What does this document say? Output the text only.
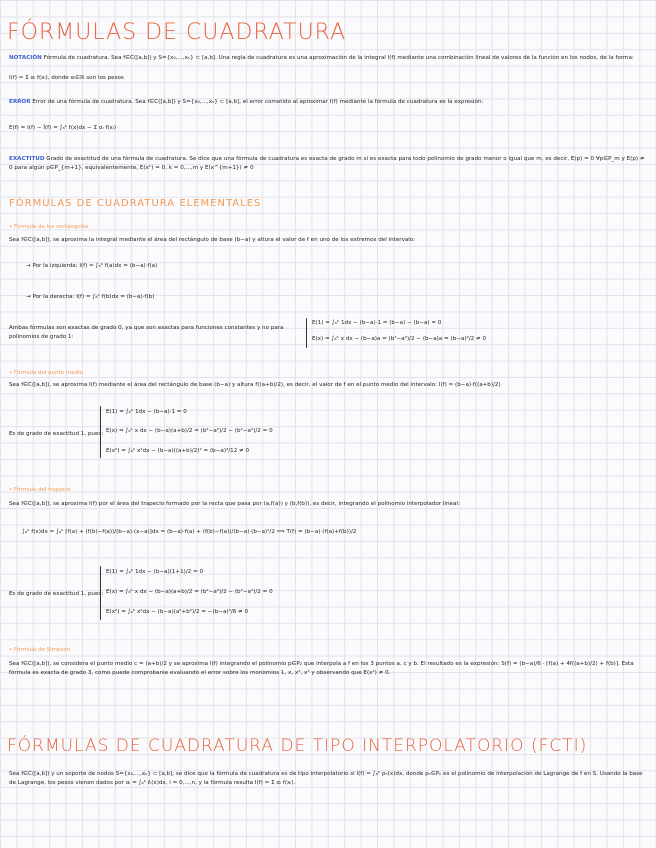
FÓRMULAS DE CUADRATURA
NOTACIÓN Fórmula de cuadratura. Sea f∈C([a,b]) y S={x₀,...,xₙ} ⊂ [a,b]. Una regla de cuadratura es una aproximación de la integral I(f) mediante una combinación lineal de valores de la función en los nodos, de la forma:
I(f) ≈ Σ αᵢ f(xᵢ), donde αᵢ∈ℝ son los pesos
ERROR Error de una fórmula de cuadratura. Sea f∈C([a,b]) y S={x₀,...,xₙ} ⊂ [a,b], el error cometido al aproximar I(f) mediante la fórmula de cuadratura es la expresión:
E(f) = I(f) − Ĩ(f) = ∫ₐᵇ f(x)dx − Σ αᵢ f(xᵢ)
EXACTITUD Grado de exactitud de una fórmula de cuadratura. Se dice que una fórmula de cuadratura es exacta de grado m si es exacta para todo polinomio de grado menor o igual que m, es decir, E(p) = 0 ∀p∈P_m y E(p) ≠ 0 para algún p∈P_{m+1}, equivalentemente, E(xᵏ) = 0, k = 0,...,m y E(x^{m+1}) ≠ 0
FÓRMULAS DE CUADRATURA ELEMENTALES
• Fórmula de los rectángulos
Sea f∈C([a,b]), se aproxima la integral mediante el área del rectángulo de base (b−a) y altura el valor de f en uno de los extremos del intervalo:
→ Por la izquierda: I(f) ≈ ∫ₐᵇ f(a)dx = (b−a)·f(a)
→ Por la derecha: I(f) ≈ ∫ₐᵇ f(b)dx = (b−a)·f(b)
Ambas fórmulas son exactas de grado 0, ya que son exactas para funciones constantes y no para polinomios de grado 1:
E(1) = ∫ₐᵇ 1dx − (b−a)·1 = (b−a) − (b−a) = 0
E(x) = ∫ₐᵇ x dx − (b−a)a = (b²−a²)/2 − (b−a)a = (b−a)²/2 ≠ 0
• Fórmula del punto medio
Sea f∈C([a,b]), se aproxima I(f) mediante el área del rectángulo de base (b−a) y altura f((a+b)/2), es decir, el valor de f en el punto medio del intervalo: I(f) ≈ (b−a)·f((a+b)/2)
Es de grado de exactitud 1, pues:
E(1) = ∫ₐᵇ 1dx − (b−a)·1 = 0
E(x) = ∫ₐᵇ x dx − (b−a)(a+b)/2 = (b²−a²)/2 − (b²−a²)/2 = 0
E(x²) = ∫ₐᵇ x²dx − (b−a)((a+b)/2)² = (b−a)³/12 ≠ 0
• Fórmula del trapecio
Sea f∈C([a,b]), se aproxima I(f) por el área del trapecio formado por la recta que pasa por (a,f(a)) y (b,f(b)), es decir, integrando el polinomio interpolador lineal:
∫ₐᵇ f(x)dx ≈ ∫ₐᵇ [f(a) + (f(b)−f(a))/(b−a)·(x−a)]dx = (b−a)·f(a) + (f(b)−f(a))/(b−a)·(b−a)²/2 ⟹ T(f) = (b−a)·(f(a)+f(b))/2
Es de grado de exactitud 1, pues:
E(1) = ∫ₐᵇ 1dx − (b−a)(1+1)/2 = 0
E(x) = ∫ₐᵇ x dx − (b−a)(a+b)/2 = (b²−a²)/2 − (b²−a²)/2 = 0
E(x²) = ∫ₐᵇ x²dx − (b−a)(a²+b²)/2 = −(b−a)³/6 ≠ 0
• Fórmula de Simpson
Sea f∈C([a,b]), se considera el punto medio c = (a+b)/2 y se aproxima I(f) integrando el polinomio p∈P₂ que interpola a f en los 3 puntos a, c y b. El resultado es la expresión: S(f) = (b−a)/6 · [f(a) + 4f((a+b)/2) + f(b)]. Esta fórmula es exacta de grado 3, como puede comprobarse evaluando el error sobre los monomios 1, x, x², x³ y observando que E(x⁴) ≠ 0.
FÓRMULAS DE CUADRATURA DE TIPO INTERPOLATORIO (FCTI)
Sea f∈C([a,b]) y un soporte de nodos S={x₀,...,xₙ} ⊂ [a,b], se dice que la fórmula de cuadratura es de tipo interpolatorio si I(f) ≈ ∫ₐᵇ pₙ(x)dx, donde pₙ∈Pₙ es el polinomio de interpolación de Lagrange de f en S. Usando la base de Lagrange, los pesos vienen dados por αᵢ = ∫ₐᵇ ℓᵢ(x)dx, i = 0,...,n, y la fórmula resulta I(f) ≈ Σ αᵢ f(xᵢ).
